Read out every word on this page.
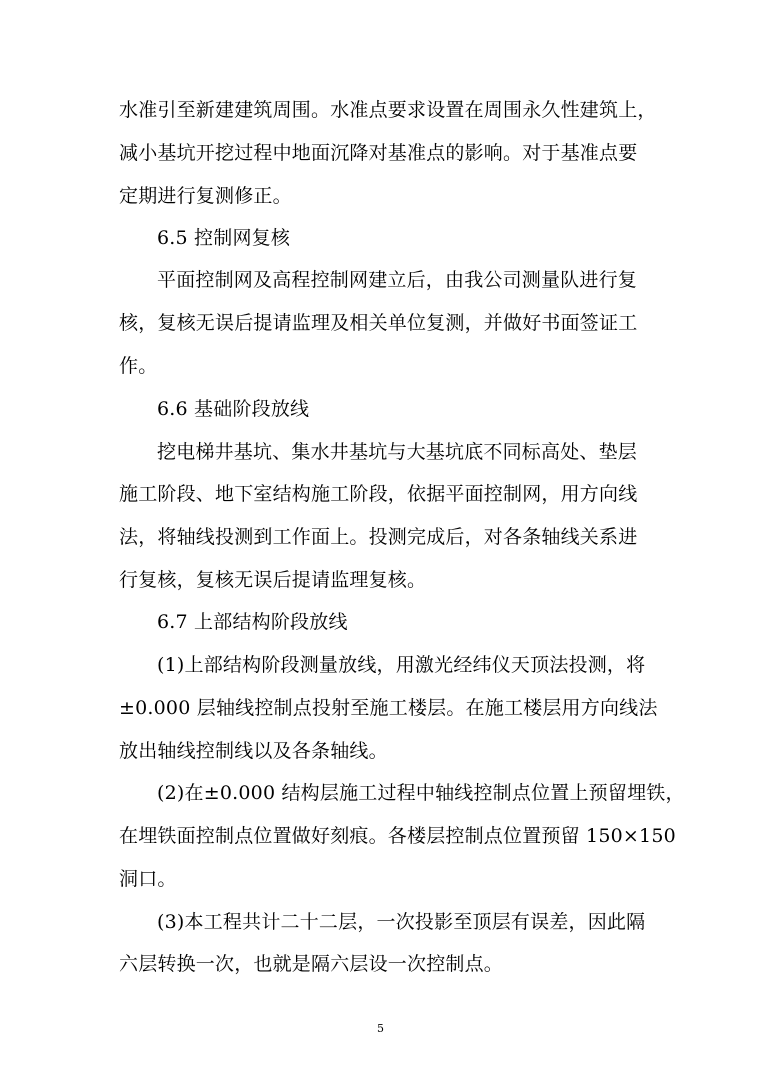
水准引至新建建筑周围。水准点要求设置在周围永久性建筑上，
减小基坑开挖过程中地面沉降对基准点的影响。对于基准点要
定期进行复测修正。
6.5 控制网复核
平面控制网及高程控制网建立后，由我公司测量队进行复
核，复核无误后提请监理及相关单位复测，并做好书面签证工
作。
6.6 基础阶段放线
挖电梯井基坑、集水井基坑与大基坑底不同标高处、垫层
施工阶段、地下室结构施工阶段，依据平面控制网，用方向线
法，将轴线投测到工作面上。投测完成后，对各条轴线关系进
行复核，复核无误后提请监理复核。
6.7 上部结构阶段放线
(1)上部结构阶段测量放线，用激光经纬仪天顶法投测，将
±0.000 层轴线控制点投射至施工楼层。在施工楼层用方向线法
放出轴线控制线以及各条轴线。
(2)在±0.000 结构层施工过程中轴线控制点位置上预留埋铁，
在埋铁面控制点位置做好刻痕。各楼层控制点位置预留 150×150
洞口。
(3)本工程共计二十二层，一次投影至顶层有误差，因此隔
六层转换一次，也就是隔六层设一次控制点。
5
